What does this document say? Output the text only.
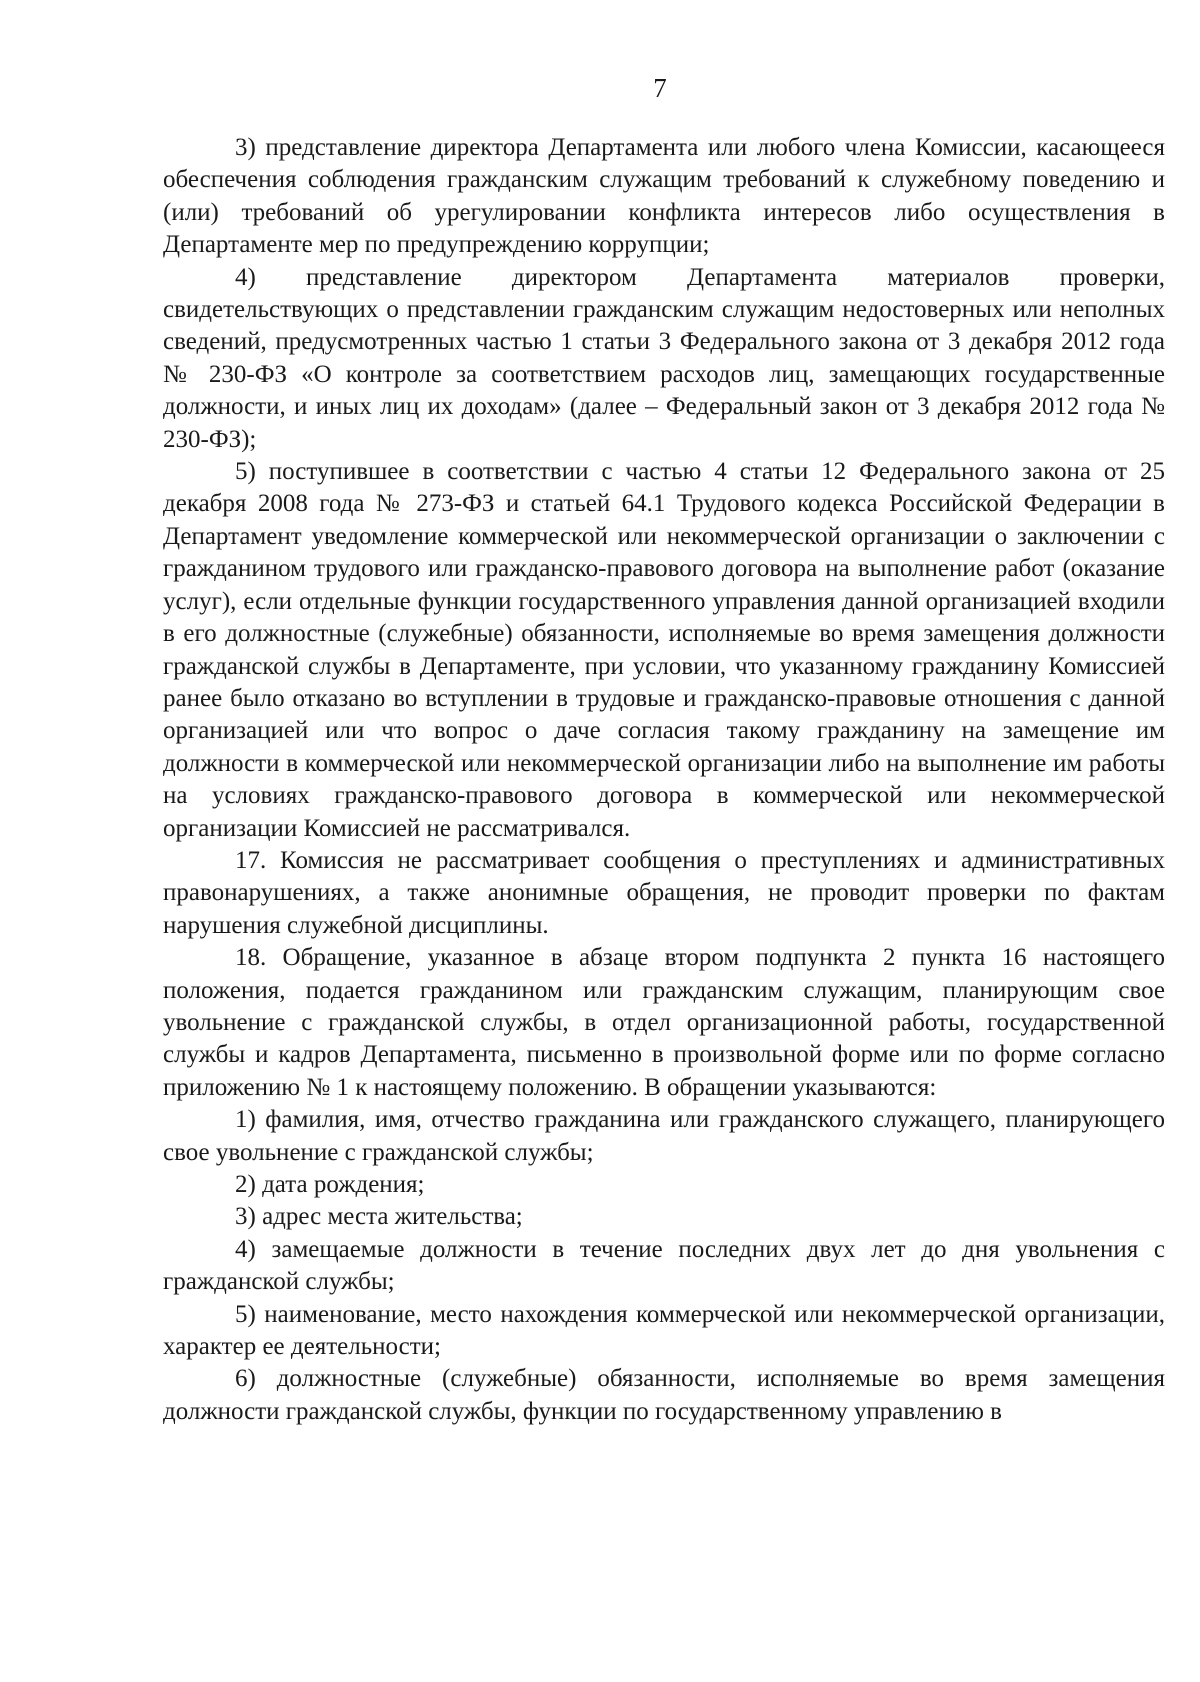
7

3) представление директора Департамента или любого члена Комиссии, касающееся обеспечения соблюдения гражданским служащим требований к служебному поведению и (или) требований об урегулировании конфликта интересов либо осуществления в Департаменте мер по предупреждению коррупции;

4) представление директором Департамента материалов проверки, свидетельствующих о представлении гражданским служащим недостоверных или неполных сведений, предусмотренных частью 1 статьи 3 Федерального закона от 3 декабря 2012 года № 230-ФЗ «О контроле за соответствием расходов лиц, замещающих государственные должности, и иных лиц их доходам» (далее – Федеральный закон от 3 декабря 2012 года № 230-ФЗ);

5) поступившее в соответствии с частью 4 статьи 12 Федерального закона от 25 декабря 2008 года № 273-ФЗ и статьей 64.1 Трудового кодекса Российской Федерации в Департамент уведомление коммерческой или некоммерческой организации о заключении с гражданином трудового или гражданско-правового договора на выполнение работ (оказание услуг), если отдельные функции государственного управления данной организацией входили в его должностные (служебные) обязанности, исполняемые во время замещения должности гражданской службы в Департаменте, при условии, что указанному гражданину Комиссией ранее было отказано во вступлении в трудовые и гражданско-правовые отношения с данной организацией или что вопрос о даче согласия такому гражданину на замещение им должности в коммерческой или некоммерческой организации либо на выполнение им работы на условиях гражданско-правового договора в коммерческой или некоммерческой организации Комиссией не рассматривался.

17. Комиссия не рассматривает сообщения о преступлениях и административных правонарушениях, а также анонимные обращения, не проводит проверки по фактам нарушения служебной дисциплины.

18. Обращение, указанное в абзаце втором подпункта 2 пункта 16 настоящего положения, подается гражданином или гражданским служащим, планирующим свое увольнение с гражданской службы, в отдел организационной работы, государственной службы и кадров Департамента, письменно в произвольной форме или по форме согласно приложению № 1 к настоящему положению. В обращении указываются:

1) фамилия, имя, отчество гражданина или гражданского служащего, планирующего свое увольнение с гражданской службы;

2) дата рождения;

3) адрес места жительства;

4) замещаемые должности в течение последних двух лет до дня увольнения с гражданской службы;

5) наименование, место нахождения коммерческой или некоммерческой организации, характер ее деятельности;

6) должностные (служебные) обязанности, исполняемые во время замещения должности гражданской службы, функции по государственному управлению в
